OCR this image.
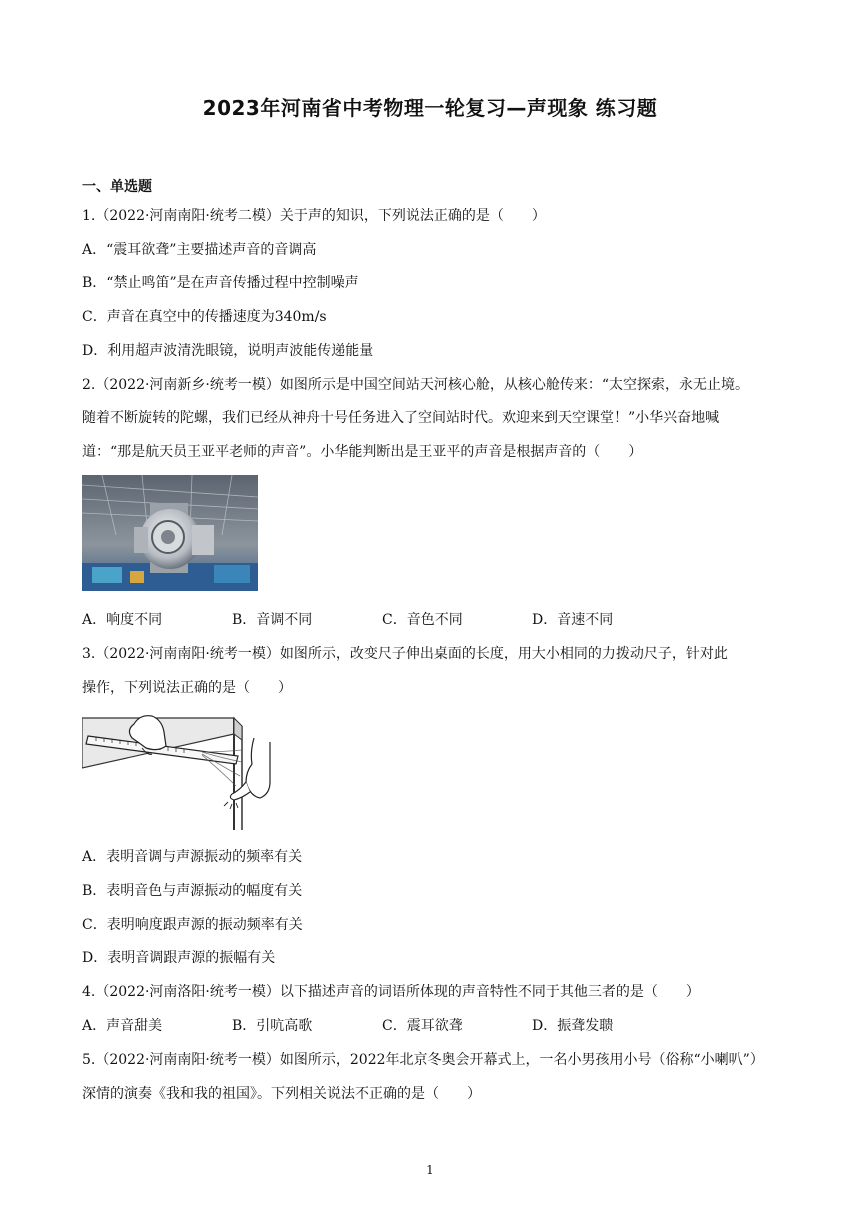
2023年河南省中考物理一轮复习—声现象 练习题
一、单选题
1.（2022·河南南阳·统考二模）关于声的知识，下列说法正确的是（　　）
A．“震耳欲聋”主要描述声音的音调高
B．“禁止鸣笛”是在声音传播过程中控制噪声
C．声音在真空中的传播速度为340m/s
D．利用超声波清洗眼镜，说明声波能传递能量
2.（2022·河南新乡·统考一模）如图所示是中国空间站天河核心舱，从核心舱传来：“太空探索，永无止境。
随着不断旋转的陀螺，我们已经从神舟十号任务进入了空间站时代。欢迎来到天空课堂！”小华兴奋地喊
道：“那是航天员王亚平老师的声音”。小华能判断出是王亚平的声音是根据声音的（　　）
A．响度不同	B．音调不同	C．音色不同	D．音速不同
3.（2022·河南南阳·统考一模）如图所示，改变尺子伸出桌面的长度，用大小相同的力拨动尺子，针对此
操作，下列说法正确的是（　　）
A．表明音调与声源振动的频率有关
B．表明音色与声源振动的幅度有关
C．表明响度跟声源的振动频率有关
D．表明音调跟声源的振幅有关
4.（2022·河南洛阳·统考一模）以下描述声音的词语所体现的声音特性不同于其他三者的是（　　）
A．声音甜美	B．引吭高歌	C．震耳欲聋	D．振聋发聩
5.（2022·河南南阳·统考一模）如图所示，2022年北京冬奥会开幕式上，一名小男孩用小号（俗称“小喇叭”）
深情的演奏《我和我的祖国》。下列相关说法不正确的是（　　）
1
